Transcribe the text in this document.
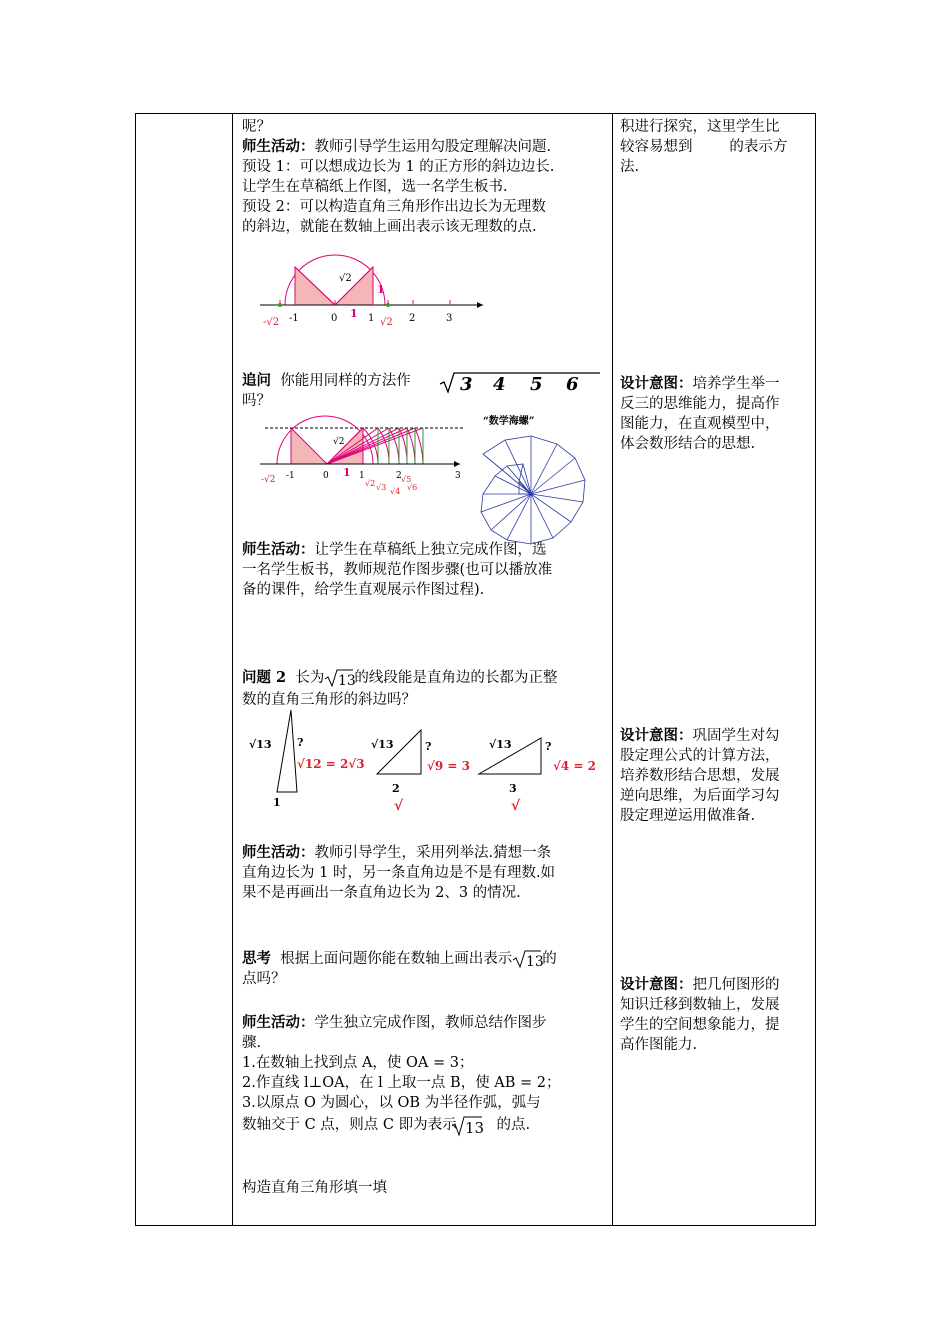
呢？

师生活动：教师引导学生运用勾股定理解决问题.

预设 1：可以想成边长为 1 的正方形的斜边边长.

让学生在草稿纸上作图，选一名学生板书.

预设 2：可以构造直角三角形作出边长为无理数

的斜边，就能在数轴上画出表示该无理数的点.

√2
1
1
-√2 -1	0	1 √2 2	3

追问 你能用同样的方法作	3 4 5 6

吗？

√2
1
-√2 -1	0	1
√2 √3
2
√4
√5
√6
3
“数学海螺”

师生活动：让学生在草稿纸上独立完成作图，选

一名学生板书，教师规范作图步骤(也可以播放准

备的课件，给学生直观展示作图过程).

问题 2 长为 13
的线段能是直角边的长都为正整

数的直角三角形的斜边吗？

√13 ?
√12 = 2√3
1
√13	?
√9 = 3
2
√
√13	?
√4 = 2
3
√

师生活动：教师引导学生，采用列举法.猜想一条

直角边长为 1 时，另一条直角边是不是有理数.如

果不是再画出一条直角边长为 2、3 的情况.

思考 根据上面问题你能在数轴上画出表示 13
的

点吗？

师生活动：学生独立完成作图，教师总结作图步

骤.

1.在数轴上找到点 A，使 OA = 3；

2.作直线 l⊥OA，在 l 上取一点 B，使 AB = 2；

3.以原点 O 为圆心，以 OB 为半径作弧，弧与

数轴交于 C 点，则点 C 即为表示 13 的点.

构造直角三角形填一填

积进行探究，这里学生比

较容易想到        的表示方

法.

设计意图：培养学生举一

反三的思维能力，提高作

图能力，在直观模型中，

体会数形结合的思想.

设计意图：巩固学生对勾

股定理公式的计算方法，

培养数形结合思想，发展

逆向思维，为后面学习勾

股定理逆运用做准备.

设计意图：把几何图形的

知识迁移到数轴上，发展

学生的空间想象能力，提

高作图能力.
